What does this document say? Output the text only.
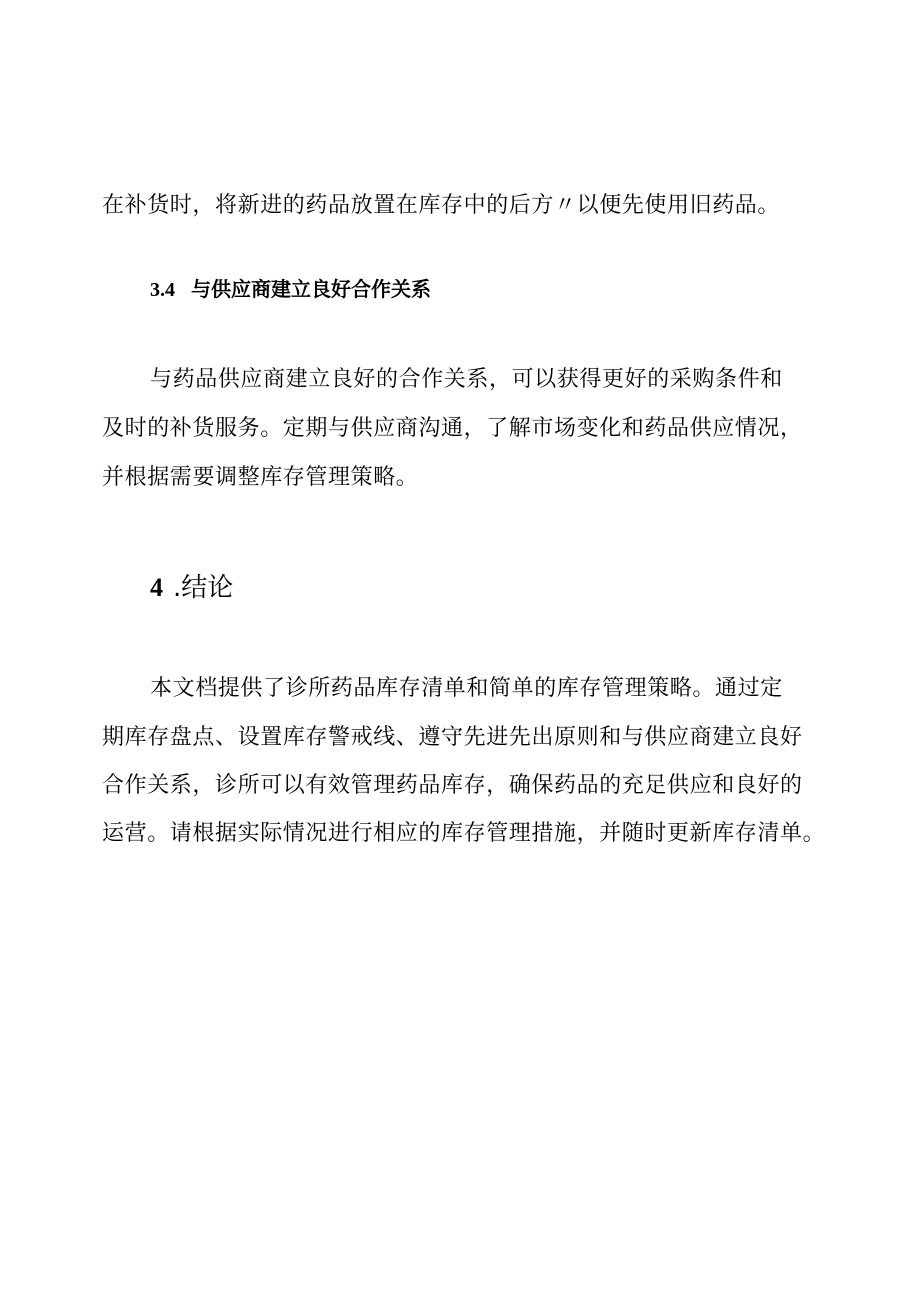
在补货时，将新进的药品放置在库存中的后方〃以便先使用旧药品。
3.4 与供应商建立良好合作关系
与药品供应商建立良好的合作关系，可以获得更好的采购条件和
及时的补货服务。定期与供应商沟通，了解市场变化和药品供应情况，
并根据需要调整库存管理策略。
4 .结论
本文档提供了诊所药品库存清单和简单的库存管理策略。通过定
期库存盘点、设置库存警戒线、遵守先进先出原则和与供应商建立良好
合作关系，诊所可以有效管理药品库存，确保药品的充足供应和良好的
运营。请根据实际情况进行相应的库存管理措施，并随时更新库存清单。
